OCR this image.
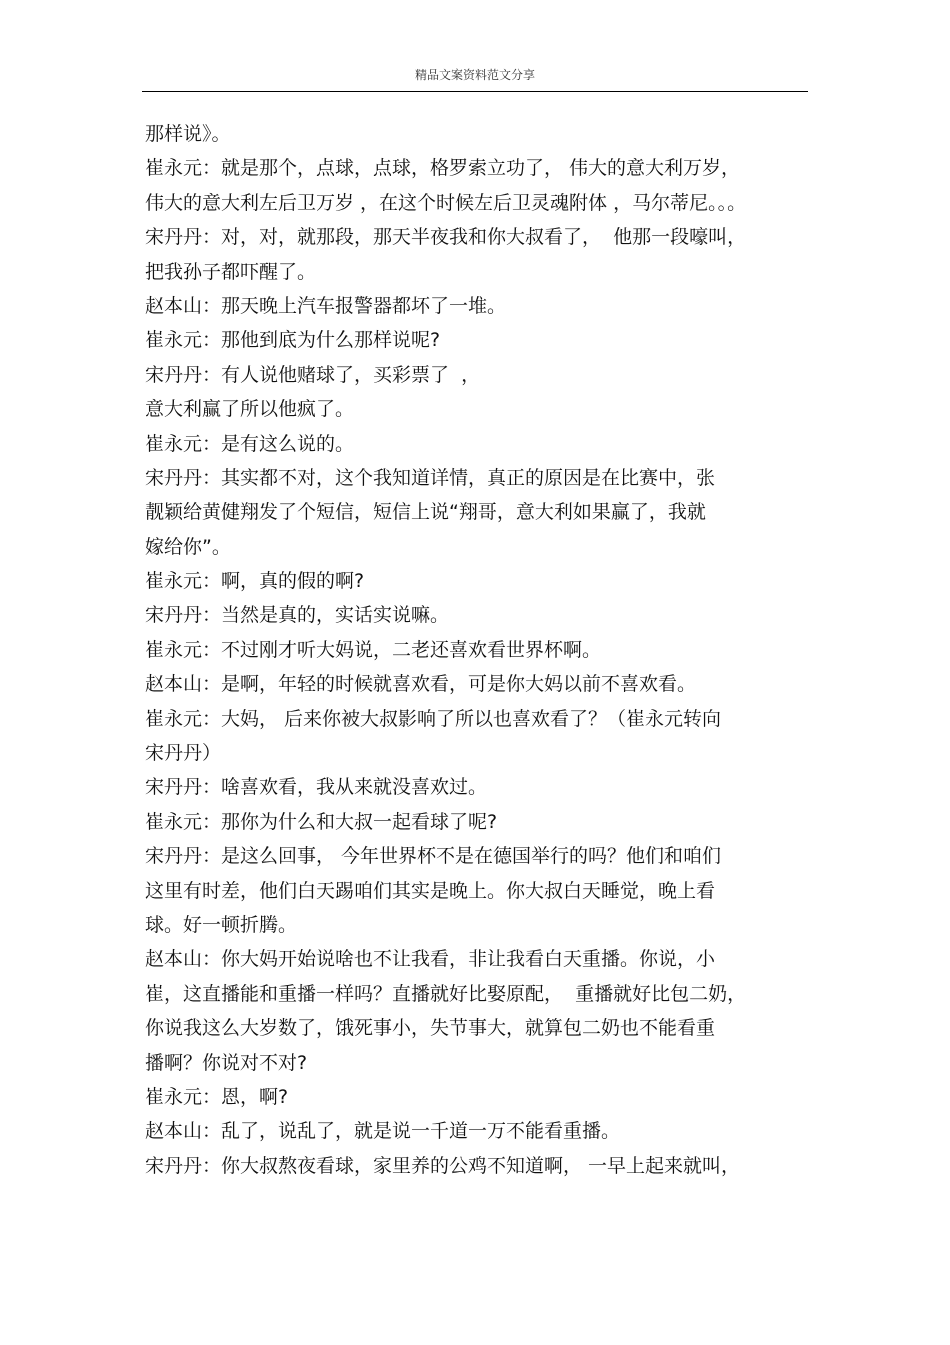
精品文案资料范文分享
那样说》。
崔永元：就是那个，点球，点球，格罗索立功了， 伟大的意大利万岁，
伟大的意大利左后卫万岁 ，在这个时候左后卫灵魂附体 ，马尔蒂尼。。。
宋丹丹：对，对，就那段，那天半夜我和你大叔看了，  他那一段嚎叫，
把我孙子都吓醒了。
赵本山：那天晚上汽车报警器都坏了一堆。
崔永元：那他到底为什么那样说呢?
宋丹丹：有人说他赌球了，买彩票了  ，
意大利赢了所以他疯了。
崔永元：是有这么说的。
宋丹丹：其实都不对，这个我知道详情，真正的原因是在比赛中，张
靓颖给黄健翔发了个短信，短信上说“翔哥，意大利如果赢了，我就
嫁给你”。
崔永元：啊，真的假的啊?
宋丹丹：当然是真的，实话实说嘛。
崔永元：不过刚才听大妈说，二老还喜欢看世界杯啊。
赵本山：是啊，年轻的时候就喜欢看，可是你大妈以前不喜欢看。
崔永元：大妈， 后来你被大叔影响了所以也喜欢看了？（崔永元转向
宋丹丹）
宋丹丹：啥喜欢看，我从来就没喜欢过。
崔永元：那你为什么和大叔一起看球了呢?
宋丹丹：是这么回事， 今年世界杯不是在德国举行的吗？他们和咱们
这里有时差，他们白天踢咱们其实是晚上。你大叔白天睡觉，晚上看
球。好一顿折腾。
赵本山：你大妈开始说啥也不让我看，非让我看白天重播。你说，小
崔，这直播能和重播一样吗？直播就好比娶原配，  重播就好比包二奶，
你说我这么大岁数了，饿死事小，失节事大，就算包二奶也不能看重
播啊？你说对不对?
崔永元：恩，啊?
赵本山：乱了，说乱了，就是说一千道一万不能看重播。
宋丹丹：你大叔熬夜看球，家里养的公鸡不知道啊， 一早上起来就叫，
